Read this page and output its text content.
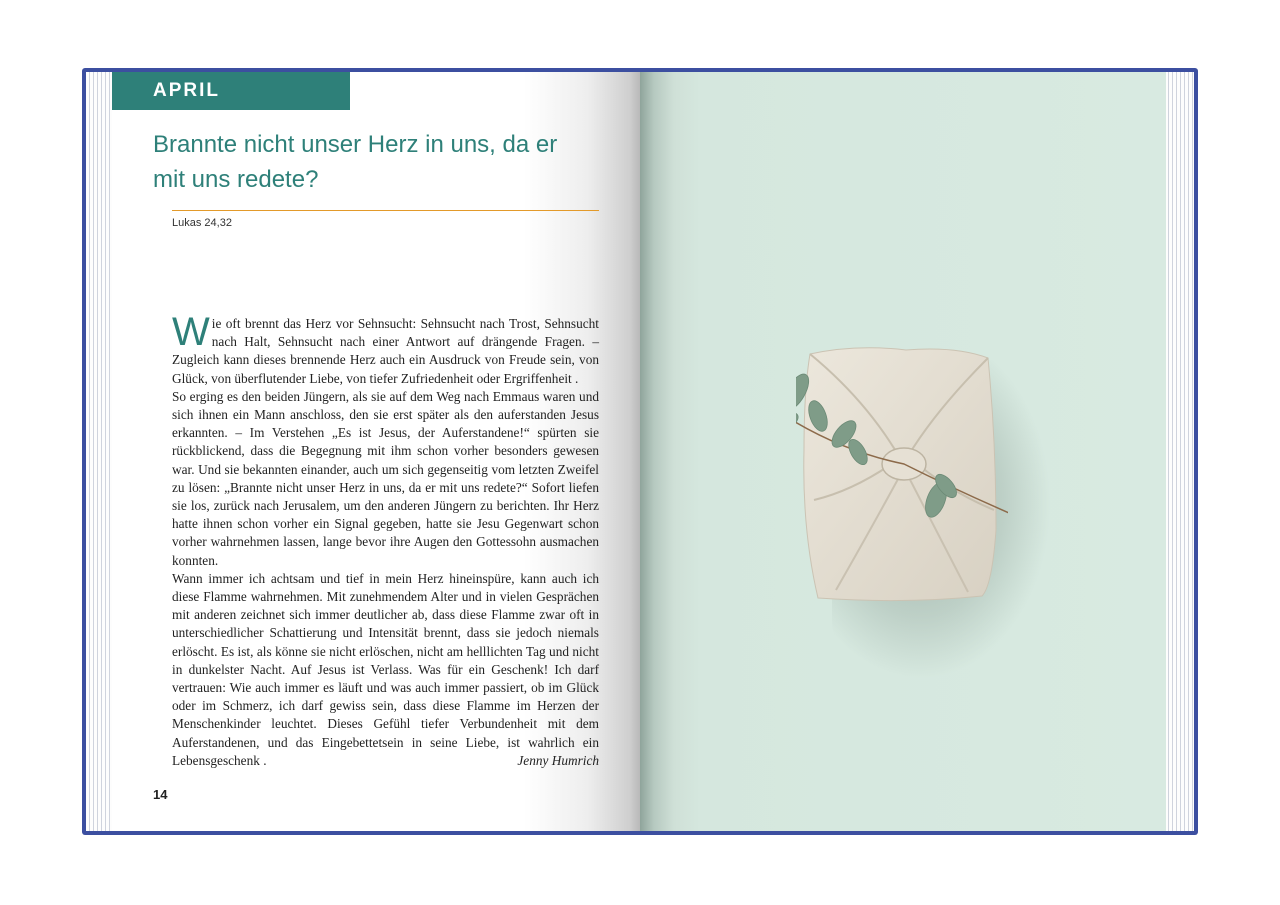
APRIL
Brannte nicht unser Herz in uns, da er
mit uns redete?
Lukas 24,32

Wie oft brennt das Herz vor Sehnsucht: Sehnsucht nach Trost, Sehnsucht nach Halt, Sehnsucht nach einer Antwort auf drängende Fragen. – Zugleich kann dieses brennende Herz auch ein Ausdruck von Freude sein, von Glück, von überflutender Liebe, von tiefer Zufriedenheit oder Ergriffenheit .

So erging es den beiden Jüngern, als sie auf dem Weg nach Emmaus waren und sich ihnen ein Mann anschloss, den sie erst später als den auferstanden Jesus erkannten. – Im Verstehen „Es ist Jesus, der Auferstandene!“ spürten sie rückblickend, dass die Begegnung mit ihm schon vorher besonders gewesen war. Und sie bekannten einander, auch um sich gegenseitig vom letzten Zweifel zu lösen: „Brannte nicht unser Herz in uns, da er mit uns redete?“ Sofort liefen sie los, zurück nach Jerusalem, um den anderen Jüngern zu berichten. Ihr Herz hatte ihnen schon vorher ein Signal gegeben, hatte sie Jesu Gegenwart schon vorher wahrnehmen lassen, lange bevor ihre Augen den Gottessohn ausmachen konnten.

Wann immer ich achtsam und tief in mein Herz hineinspüre, kann auch ich diese Flamme wahrnehmen. Mit zunehmendem Alter und in vielen Gesprächen mit anderen zeichnet sich immer deutlicher ab, dass diese Flamme zwar oft in unterschiedlicher Schattierung und Intensität brennt, dass sie jedoch niemals erlöscht. Es ist, als könne sie nicht erlöschen, nicht am helllichten Tag und nicht in dunkelster Nacht. Auf Jesus ist Verlass. Was für ein Geschenk! Ich darf vertrauen: Wie auch immer es läuft und was auch immer passiert, ob im Glück oder im Schmerz, ich darf gewiss sein, dass diese Flamme im Herzen der Menschenkinder leuchtet. Dieses Gefühl tiefer Verbundenheit mit dem Auferstandenen, und das Eingebettetsein in seine Liebe, ist wahrlich ein Lebensgeschenk .	Jenny Humrich

14
